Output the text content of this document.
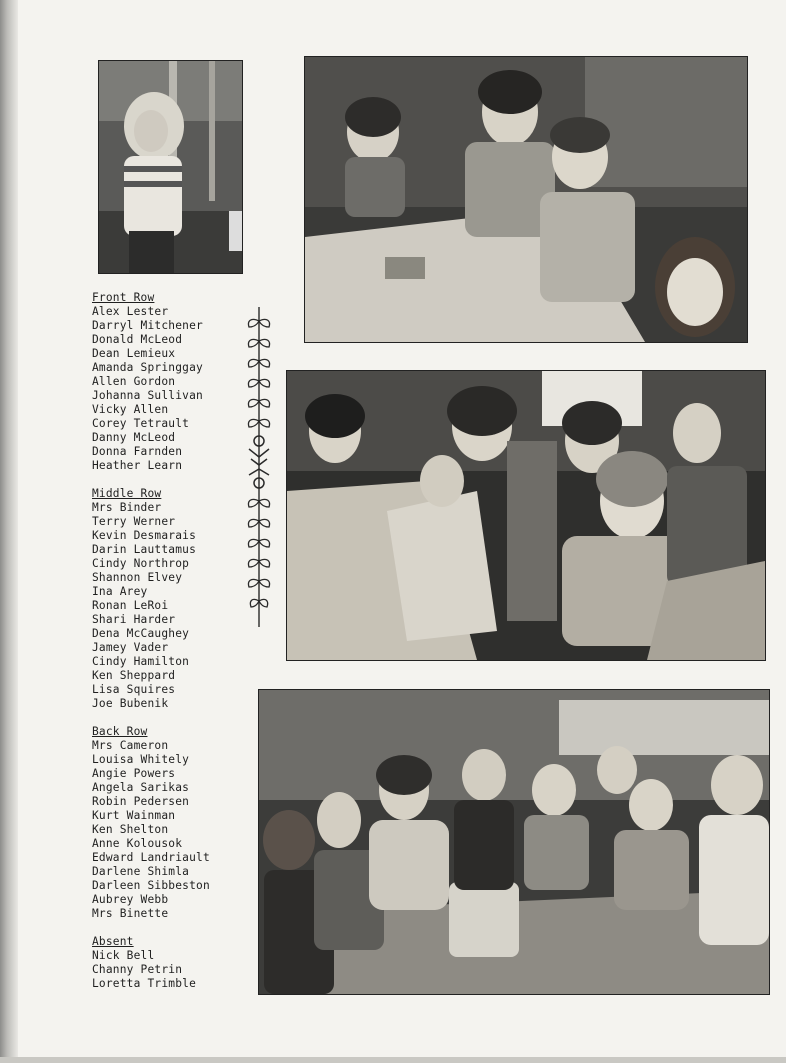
Front Row
Alex Lester
Darryl Mitchener
Donald McLeod
Dean Lemieux
Amanda Springgay
Allen Gordon
Johanna Sullivan
Vicky Allen
Corey Tetrault
Danny McLeod
Donna Farnden
Heather Learn
Middle Row
Mrs Binder
Terry Werner
Kevin Desmarais
Darin Lauttamus
Cindy Northrop
Shannon Elvey
Ina Arey
Ronan LeRoi
Shari Harder
Dena McCaughey
Jamey Vader
Cindy Hamilton
Ken Sheppard
Lisa Squires
Joe Bubenik
Back Row
Mrs Cameron
Louisa Whitely
Angie Powers
Angela Sarikas
Robin Pedersen
Kurt Wainman
Ken Shelton
Anne Kolousok
Edward Landriault
Darlene Shimla
Darleen Sibbeston
Aubrey Webb
Mrs Binette
Absent
Nick Bell
Channy Petrin
Loretta Trimble
